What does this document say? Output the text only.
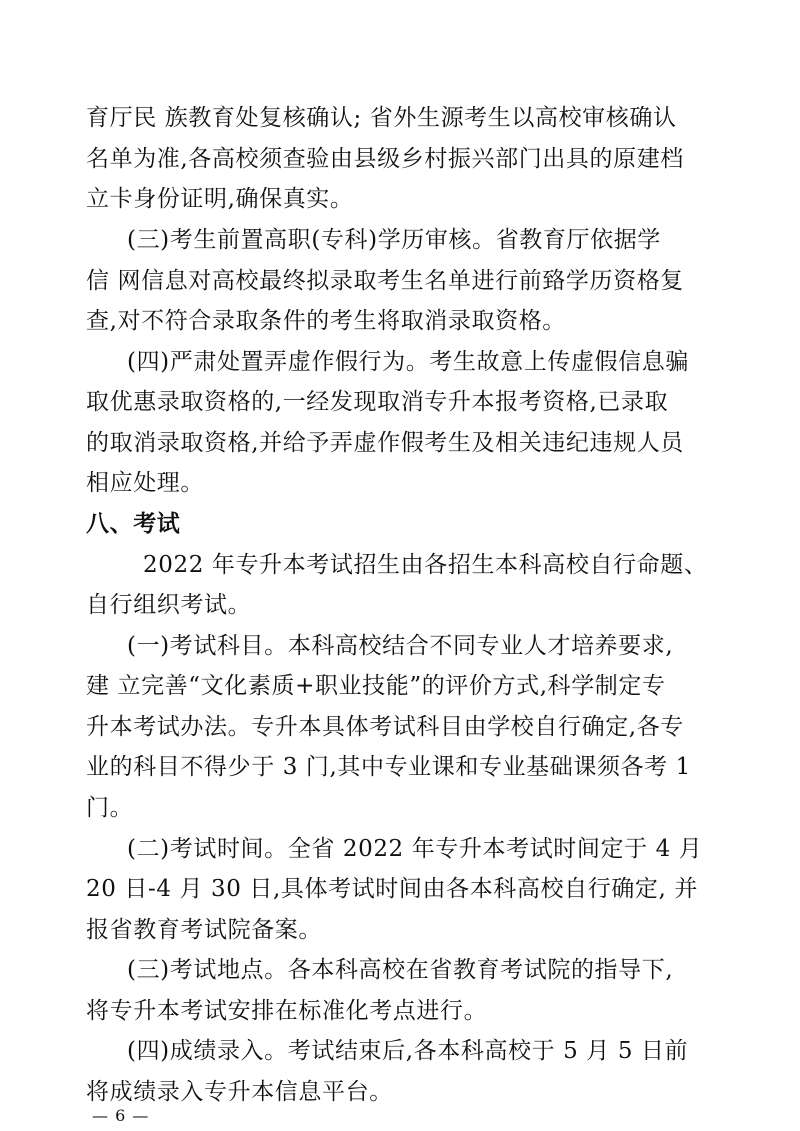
育厅民 族教育处复核确认; 省外生源考生以高校审核确认
名单为准,各高校须查验由县级乡村振兴部门出具的原建档
立卡身份证明,确保真实。
(三)考生前置高职(专科)学历审核。省教育厅依据学
信 网信息对高校最终拟录取考生名单进行前臵学历资格复
查,对不符合录取条件的考生将取消录取资格。
(四)严肃处置弄虚作假行为。考生故意上传虚假信息骗
取优惠录取资格的,一经发现取消专升本报考资格,已录取
的取消录取资格,并给予弄虚作假考生及相关违纪违规人员
相应处理。
八、考试
2022 年专升本考试招生由各招生本科高校自行命题、
自行组织考试。
(一)考试科目。本科高校结合不同专业人才培养要求,
建 立完善“文化素质+职业技能”的评价方式,科学制定专
升本考试办法。专升本具体考试科目由学校自行确定,各专
业的科目不得少于 3 门,其中专业课和专业基础课须各考 1
门。
(二)考试时间。全省 2022 年专升本考试时间定于 4 月
20 日-4 月 30 日,具体考试时间由各本科高校自行确定, 并
报省教育考试院备案。
(三)考试地点。各本科高校在省教育考试院的指导下,
将专升本考试安排在标准化考点进行。
(四)成绩录入。考试结束后,各本科高校于 5 月 5 日前
将成绩录入专升本信息平台。
— 6 —
